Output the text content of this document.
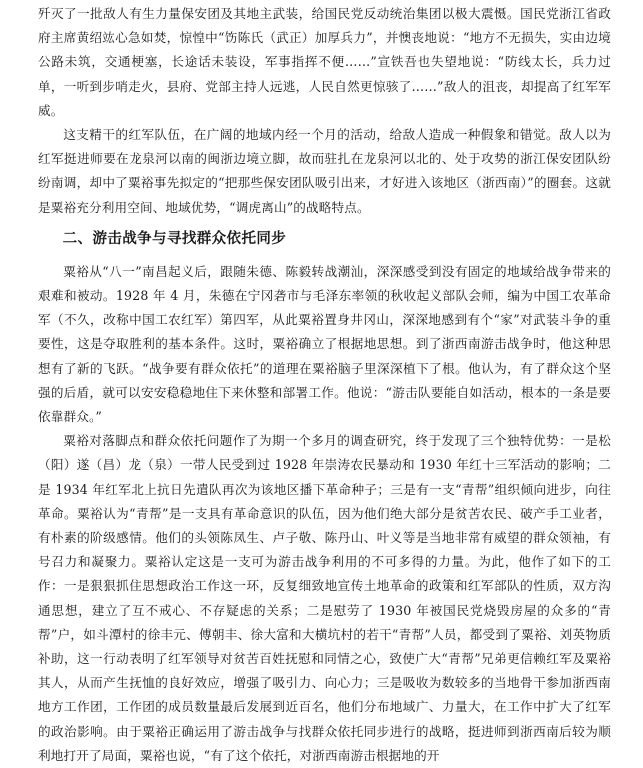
歼灭了一批敌人有生力量保安团及其地主武装，给国民党反动统治集团以极大震慑。国民党浙江省政府主席黄绍竑心急如焚，惊惶中“饬陈氏（武正）加厚兵力”，并懊丧地说：“地方不无损失，实由边境公路未筑，交通梗塞，长途话未装设，军事指挥不便……”宣铁吾也失望地说：“防线太长，兵力过单，一听到步哨走火，县府、党部主持人远逃，人民自然更惊骇了……”敌人的沮丧，却提高了红军军威。

这支精干的红军队伍，在广阔的地域内经一个月的活动，给敌人造成一种假象和错觉。敌人以为红军挺进师要在龙泉河以南的闽浙边境立脚，故而驻扎在龙泉河以北的、处于攻势的浙江保安团队纷纷南调，却中了粟裕事先拟定的“把那些保安团队吸引出来，才好进入该地区（浙西南）”的圈套。这就是粟裕充分利用空间、地域优势，“调虎离山”的战略特点。

二、游击战争与寻找群众依托同步

粟裕从“八一”南昌起义后，跟随朱德、陈毅转战潮汕，深深感受到没有固定的地域给战争带来的艰难和被动。1928 年 4 月，朱德在宁冈砻市与毛泽东率领的秋收起义部队会师，编为中国工农革命军（不久，改称中国工农红军）第四军，从此粟裕置身井冈山，深深地感到有个“家”对武装斗争的重要性，这是夺取胜利的基本条件。这时，粟裕确立了根据地思想。到了浙西南游击战争时，他这种思想有了新的飞跃。“战争要有群众依托”的道理在粟裕脑子里深深植下了根。他认为，有了群众这个坚强的后盾，就可以安安稳稳地住下来休整和部署工作。他说：“游击队要能自如活动，根本的一条是要依靠群众。”

粟裕对落脚点和群众依托问题作了为期一个多月的调查研究，终于发现了三个独特优势：一是松（阳）遂（昌）龙（泉）一带人民受到过 1928 年崇涛农民暴动和 1930 年红十三军活动的影响；二是 1934 年红军北上抗日先遣队再次为该地区播下革命种子；三是有一支“青帮”组织倾向进步，向往革命。粟裕认为“青帮”是一支具有革命意识的队伍，因为他们绝大部分是贫苦农民、破产手工业者，有朴素的阶级感情。他们的头领陈凤生、卢子敬、陈丹山、叶义等是当地非常有威望的群众领袖，有号召力和凝聚力。粟裕认定这是一支可为游击战争利用的不可多得的力量。为此，他作了如下的工作：一是狠狠抓住思想政治工作这一环，反复细致地宣传土地革命的政策和红军部队的性质，双方沟通思想，建立了互不戒心、不存疑虑的关系；二是慰劳了 1930 年被国民党烧毁房屋的众多的“青帮”户，如斗潭村的徐丰元、傅朝丰、徐大富和大横坑村的若干“青帮”人员，都受到了粟裕、刘英物质补助，这一行动表明了红军领导对贫苦百姓抚慰和同情之心，致使广大“青帮”兄弟更信赖红军及粟裕其人，从而产生抚恤的良好效应，增强了吸引力、向心力；三是吸收为数较多的当地骨干参加浙西南地方工作团，工作团的成员数量最后发展到近百名，他们分布地域广、力量大，在工作中扩大了红军的政治影响。由于粟裕正确运用了游击战争与找群众依托同步进行的战略，挺进师到浙西南后较为顺利地打开了局面，粟裕也说，“有了这个依托，对浙西南游击根据地的开
